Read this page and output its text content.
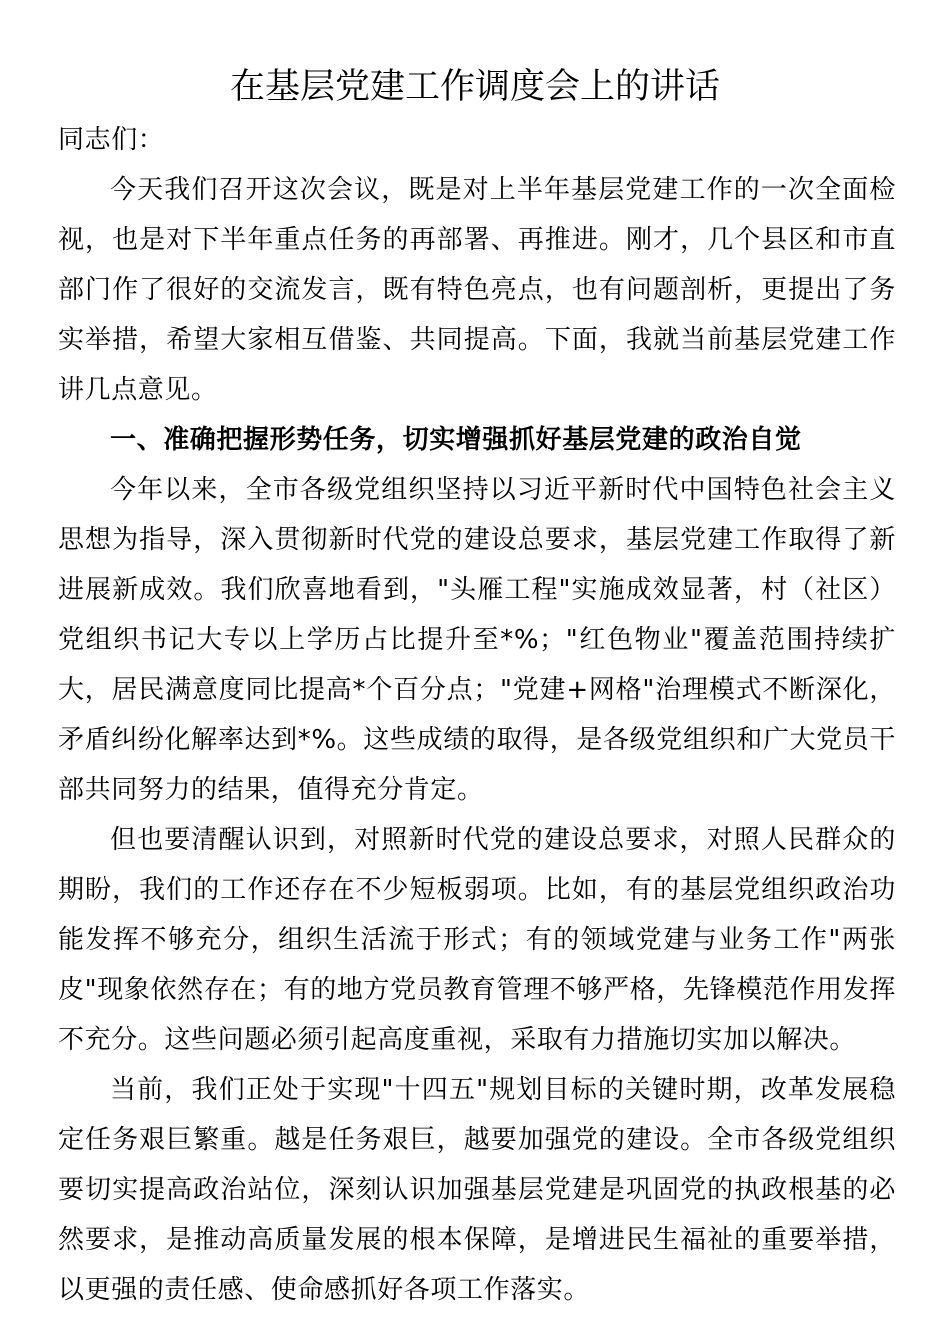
在基层党建工作调度会上的讲话

同志们：

今天我们召开这次会议，既是对上半年基层党建工作的一次全面检视，也是对下半年重点任务的再部署、再推进。刚才，几个县区和市直部门作了很好的交流发言，既有特色亮点，也有问题剖析，更提出了务实举措，希望大家相互借鉴、共同提高。下面，我就当前基层党建工作讲几点意见。

一、准确把握形势任务，切实增强抓好基层党建的政治自觉

今年以来，全市各级党组织坚持以习近平新时代中国特色社会主义思想为指导，深入贯彻新时代党的建设总要求，基层党建工作取得了新进展新成效。我们欣喜地看到，"头雁工程"实施成效显著，村（社区）党组织书记大专以上学历占比提升至*%；"红色物业"覆盖范围持续扩大，居民满意度同比提高*个百分点；"党建+网格"治理模式不断深化，矛盾纠纷化解率达到*%。这些成绩的取得，是各级党组织和广大党员干部共同努力的结果，值得充分肯定。

但也要清醒认识到，对照新时代党的建设总要求，对照人民群众的期盼，我们的工作还存在不少短板弱项。比如，有的基层党组织政治功能发挥不够充分，组织生活流于形式；有的领域党建与业务工作"两张皮"现象依然存在；有的地方党员教育管理不够严格，先锋模范作用发挥不充分。这些问题必须引起高度重视，采取有力措施切实加以解决。

当前，我们正处于实现"十四五"规划目标的关键时期，改革发展稳定任务艰巨繁重。越是任务艰巨，越要加强党的建设。全市各级党组织要切实提高政治站位，深刻认识加强基层党建是巩固党的执政根基的必然要求，是推动高质量发展的根本保障，是增进民生福祉的重要举措，以更强的责任感、使命感抓好各项工作落实。
